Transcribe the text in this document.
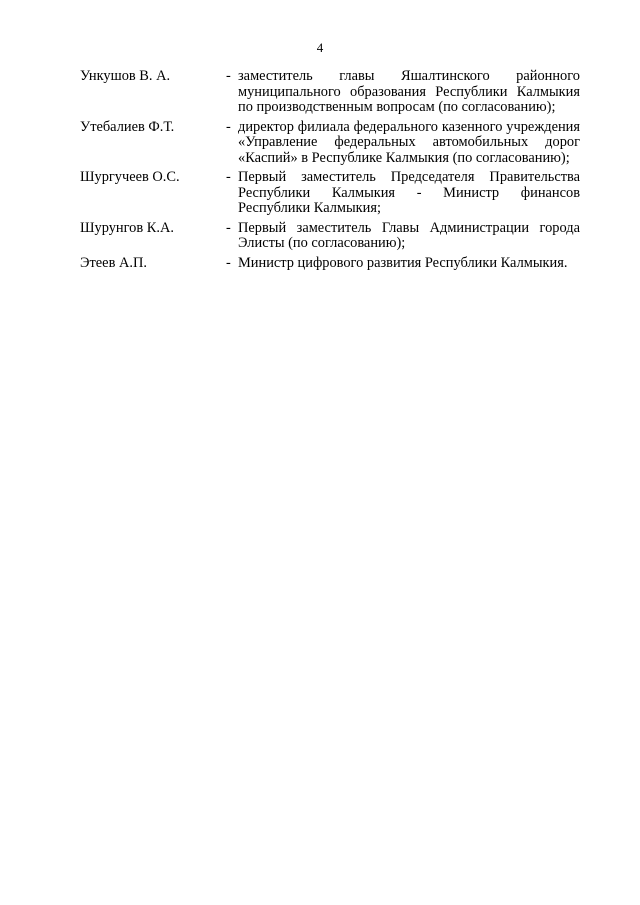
4
Ункушов В. А.	- заместитель главы Яшалтинского районного муниципального образования Республики Калмыкия по производственным вопросам (по согласованию);
Утебалиев Ф.Т.	- директор филиала федерального казенного учреждения «Управление федеральных автомобильных дорог «Каспий» в Республике Калмыкия (по согласованию);
Шургучеев О.С.	- Первый заместитель Председателя Правительства Республики Калмыкия - Министр финансов Республики Калмыкия;
Шурунгов К.А.	- Первый заместитель Главы Администрации города Элисты (по согласованию);
Этеев А.П.	- Министр цифрового развития Республики Калмыкия.
